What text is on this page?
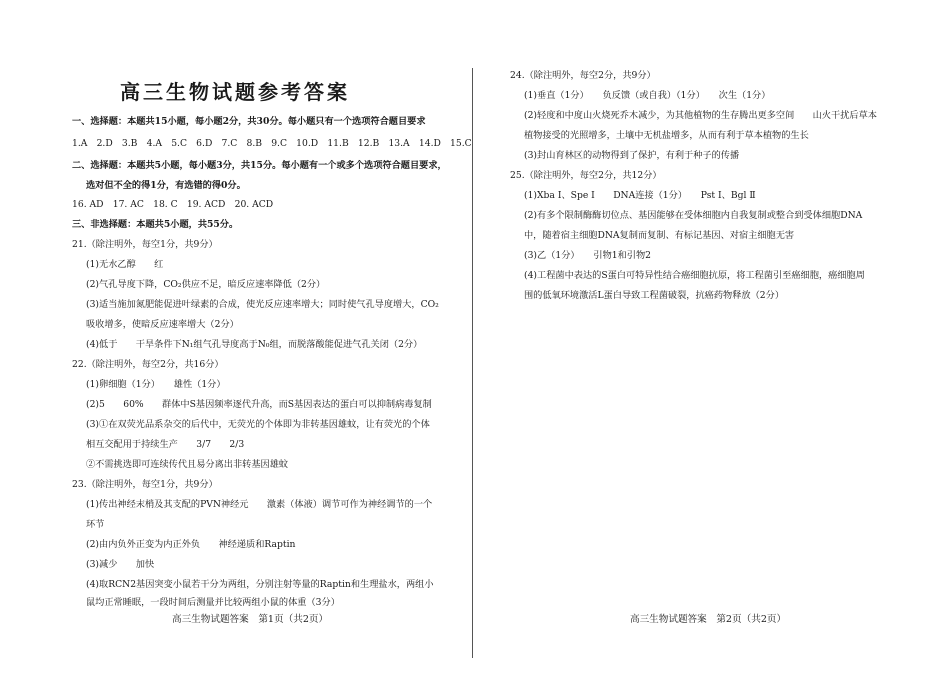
高三生物试题参考答案
一、选择题：本题共15小题，每小题2分，共30分。每小题只有一个选项符合题目要求
1.A　2.D　3.B　4.A　5.C　6.D　7.C　8.B　9.C　10.D　11.B　12.B　13.A　14.D　15.C
二、选择题：本题共5小题，每小题3分，共15分。每小题有一个或多个选项符合题目要求，
选对但不全的得1分，有选错的得0分。
16. AD　17. AC　18. C　19. ACD　20. ACD
三、非选择题：本题共5小题，共55分。
21.（除注明外，每空1分，共9分）
(1)无水乙醇　　红
(2)气孔导度下降，CO₂供应不足，暗反应速率降低（2分）
(3)适当施加氮肥能促进叶绿素的合成，使光反应速率增大；同时使气孔导度增大，CO₂
吸收增多，使暗反应速率增大（2分）
(4)低于　　干旱条件下N₁组气孔导度高于N₀组，而脱落酸能促进气孔关闭（2分）
22.（除注明外，每空2分，共16分）
(1)卵细胞（1分）　　雄性（1分）
(2)5　　60%　　群体中S基因频率逐代升高，而S基因表达的蛋白可以抑制病毒复制
(3)①在双荧光品系杂交的后代中，无荧光的个体即为非转基因雄蚊，让有荧光的个体
相互交配用于持续生产　　3/7　　2/3
②不需挑选即可连续传代且易分离出非转基因雄蚊
23.（除注明外，每空1分，共9分）
(1)传出神经末梢及其支配的PVN神经元　　激素（体液）调节可作为神经调节的一个
环节
(2)由内负外正变为内正外负　　神经递质和Raptin
(3)减少　　加快
(4)取RCN2基因突变小鼠若干分为两组，分别注射等量的Raptin和生理盐水，两组小
鼠均正常睡眠，一段时间后测量并比较两组小鼠的体重（3分）
高三生物试题答案　第1页（共2页）
24.（除注明外，每空2分，共9分）
(1)垂直（1分）　　负反馈（或自我）（1分）　　次生（1分）
(2)轻度和中度山火烧死乔木减少，为其他植物的生存腾出更多空间　　山火干扰后草本
植物接受的光照增多，土壤中无机盐增多，从而有利于草本植物的生长
(3)封山育林区的动物得到了保护，有利于种子的传播
25.（除注明外，每空2分，共12分）
(1)Xba Ⅰ、Spe Ⅰ　　DNA连接（1分）　　Pst Ⅰ、Bgl Ⅱ
(2)有多个限制酶酶切位点、基因能够在受体细胞内自我复制或整合到受体细胞DNA
中，随着宿主细胞DNA复制而复制、有标记基因、对宿主细胞无害
(3)乙（1分）　　引物1和引物2
(4)工程菌中表达的S蛋白可特异性结合癌细胞抗原，将工程菌引至癌细胞，癌细胞周
围的低氧环境激活L蛋白导致工程菌破裂，抗癌药物释放（2分）
高三生物试题答案　第2页（共2页）
